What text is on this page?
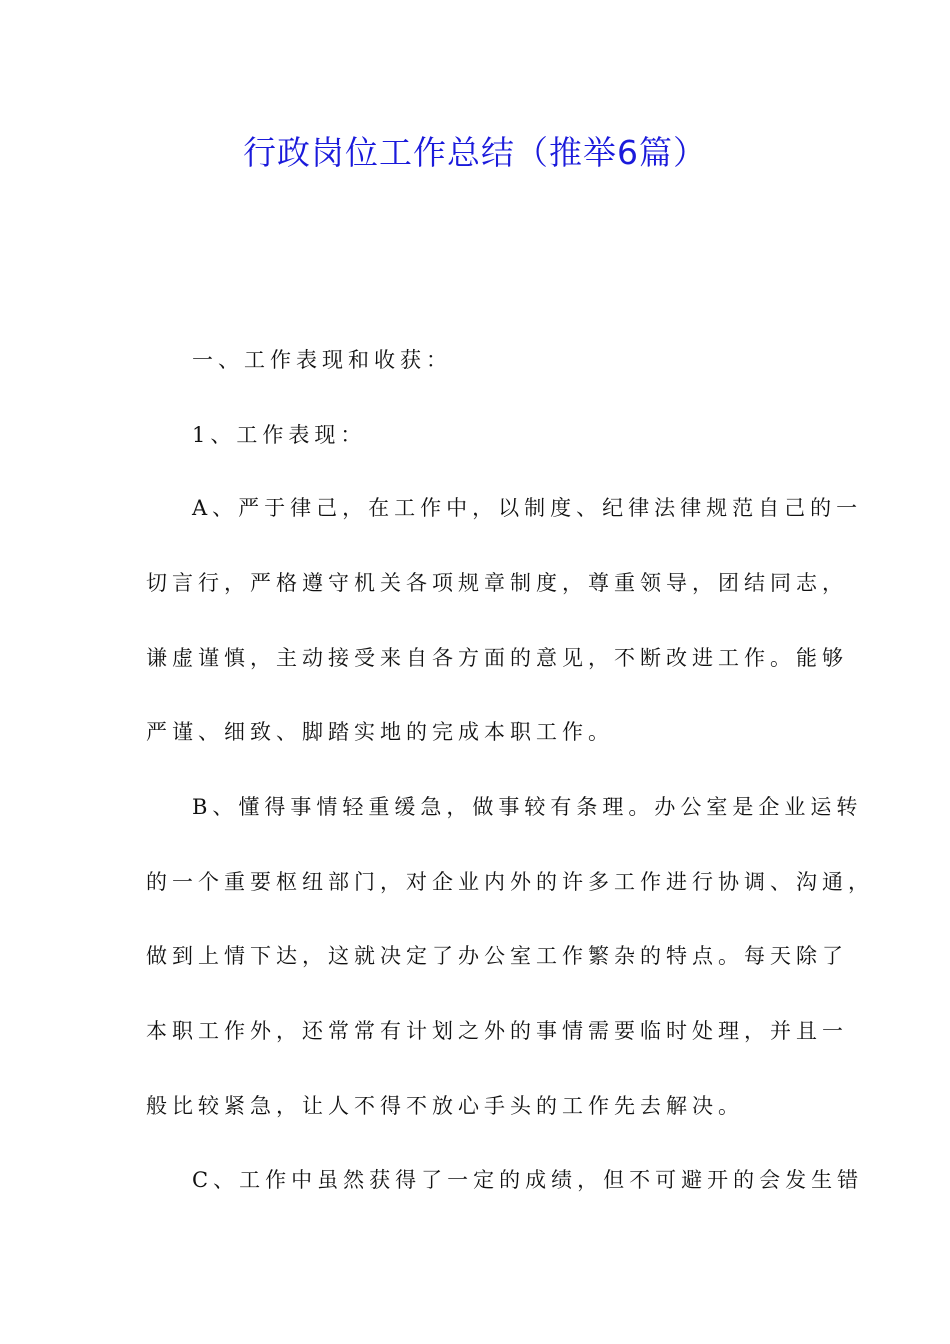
行政岗位工作总结（推举6篇）
一、工作表现和收获：
1、工作表现：
A、严于律己，在工作中，以制度、纪律法律规范自己的一
切言行，严格遵守机关各项规章制度，尊重领导，团结同志，
谦虚谨慎，主动接受来自各方面的意见，不断改进工作。能够
严谨、细致、脚踏实地的完成本职工作。
B、懂得事情轻重缓急，做事较有条理。办公室是企业运转
的一个重要枢纽部门，对企业内外的许多工作进行协调、沟通，
做到上情下达，这就决定了办公室工作繁杂的特点。每天除了
本职工作外，还常常有计划之外的事情需要临时处理，并且一
般比较紧急，让人不得不放心手头的工作先去解决。
C、工作中虽然获得了一定的成绩，但不可避开的会发生错
